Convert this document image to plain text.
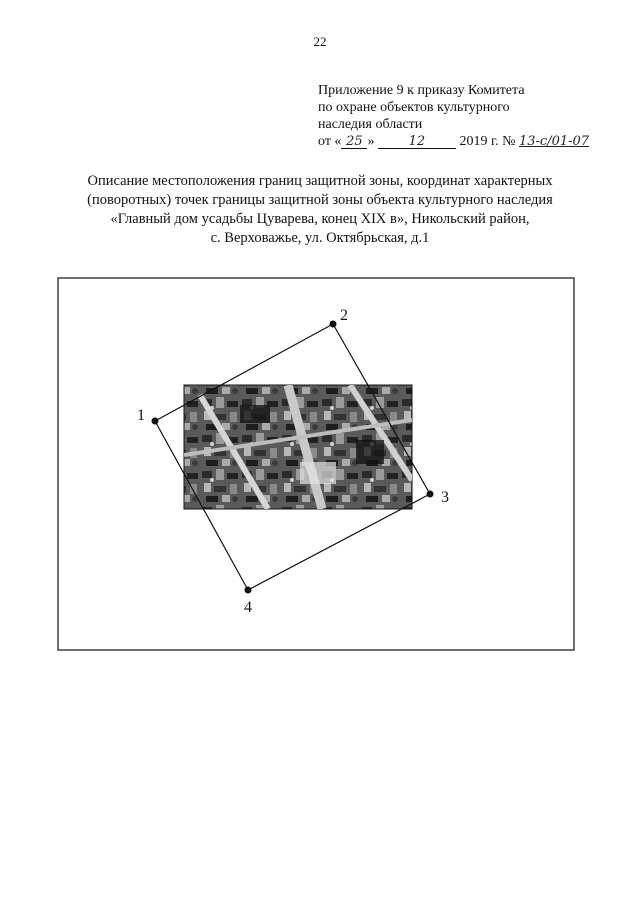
22
Приложение 9 к приказу Комитета
по охране объектов культурного
наследия области
от « 25 »	12 2019 г. № 13-с/01-07
Описание местоположения границ защитной зоны, координат характерных
(поворотных) точек границы защитной зоны объекта культурного наследия
«Главный дом усадьбы Цуварева, конец XIX в», Никольский район,
с. Верховажье, ул. Октябрьская, д.1
1
2
3
4
